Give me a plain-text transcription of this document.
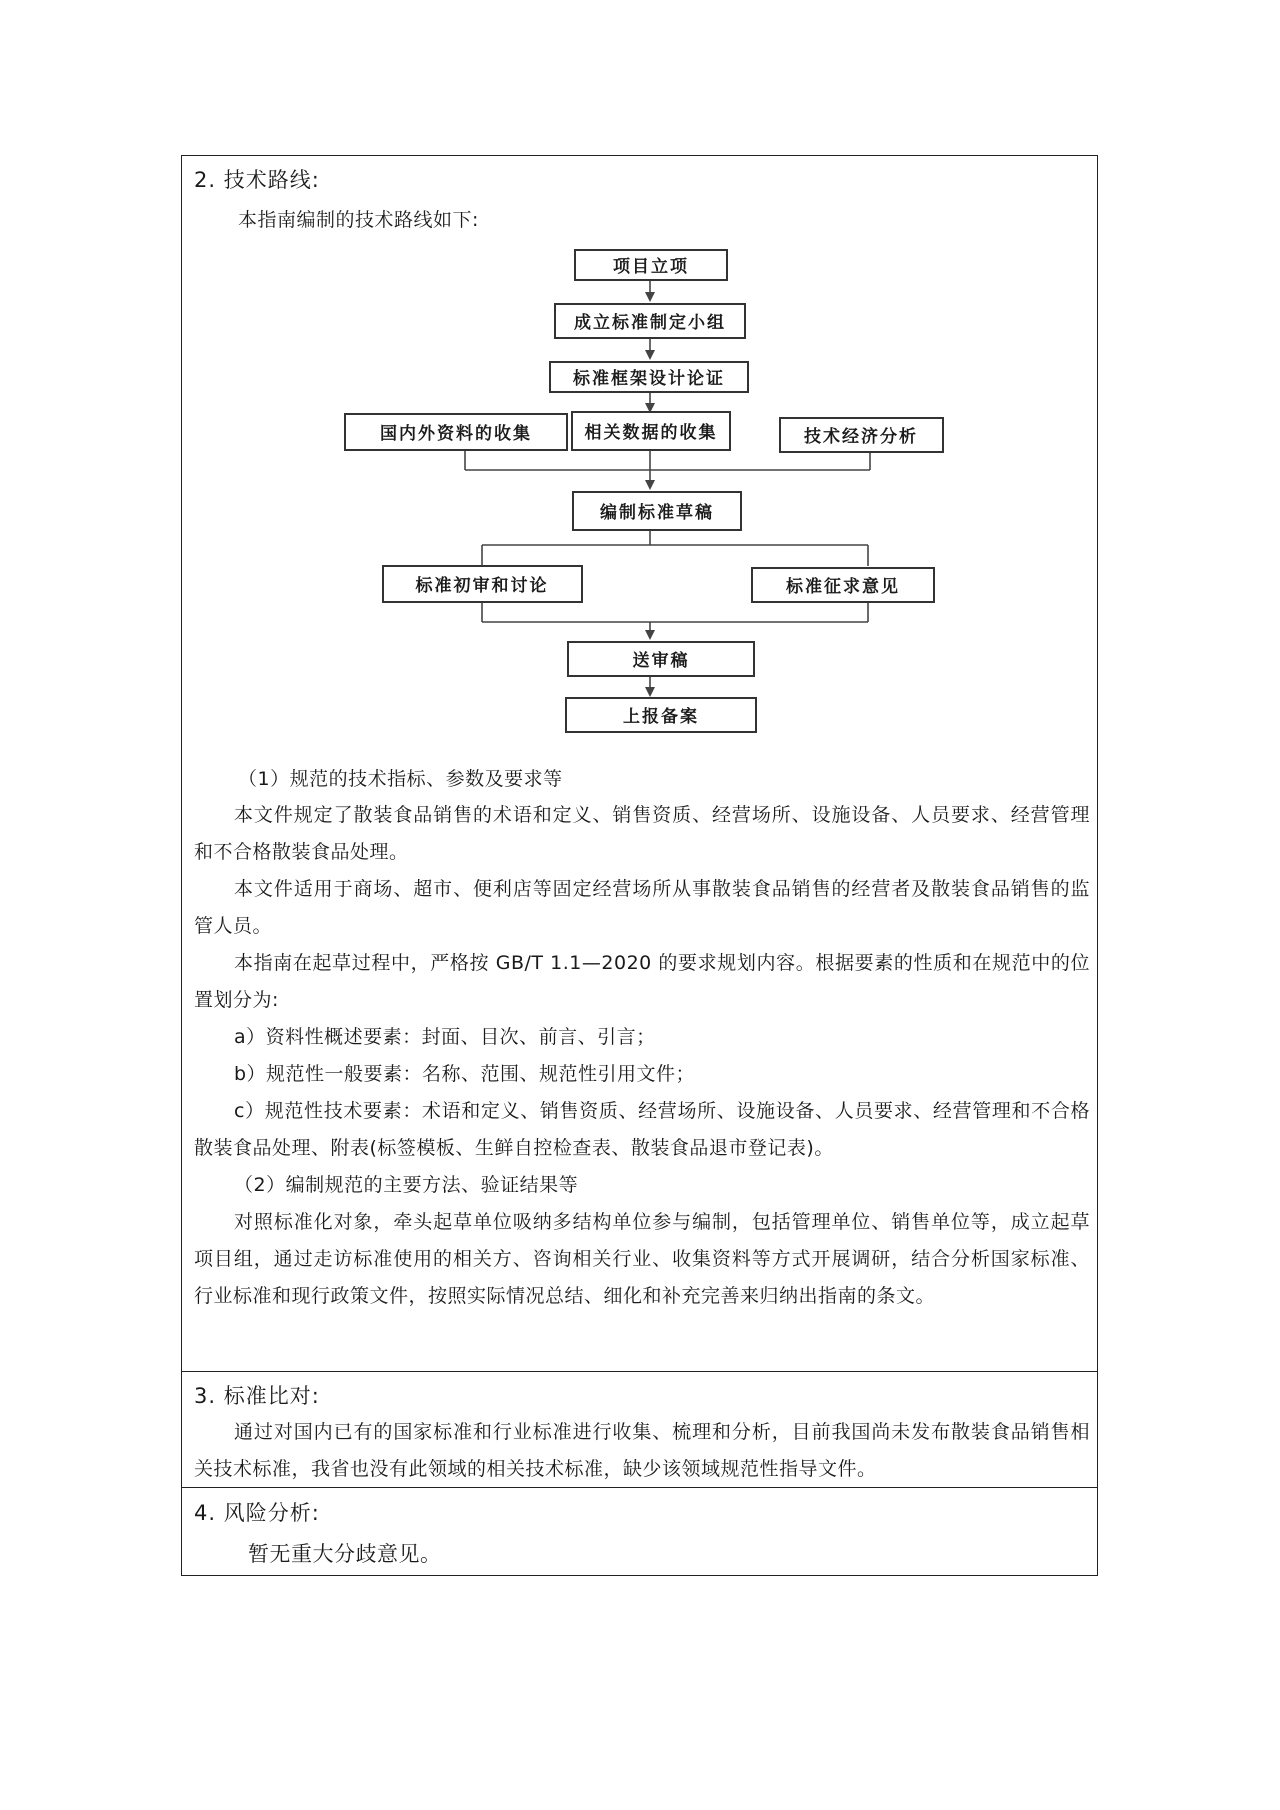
2. 技术路线:
本指南编制的技术路线如下:
项目立项
成立标准制定小组
标准框架设计论证
国内外资料的收集	相关数据的收集	技术经济分析
编制标准草稿
标准初审和讨论	标准征求意见
送审稿
上报备案
（1）规范的技术指标、参数及要求等

本文件规定了散装食品销售的术语和定义、销售资质、经营场所、设施设备、人员要求、经营管理和不合格散装食品处理。

本文件适用于商场、超市、便利店等固定经营场所从事散装食品销售的经营者及散装食品销售的监管人员。

本指南在起草过程中，严格按 GB/T 1.1—2020 的要求规划内容。根据要素的性质和在规范中的位置划分为:

a）资料性概述要素：封面、目次、前言、引言；

b）规范性一般要素：名称、范围、规范性引用文件；

c）规范性技术要素：术语和定义、销售资质、经营场所、设施设备、人员要求、经营管理和不合格散装食品处理、附表(标签模板、生鲜自控检查表、散装食品退市登记表)。

（2）编制规范的主要方法、验证结果等

对照标准化对象，牵头起草单位吸纳多结构单位参与编制，包括管理单位、销售单位等，成立起草项目组，通过走访标准使用的相关方、咨询相关行业、收集资料等方式开展调研，结合分析国家标准、行业标准和现行政策文件，按照实际情况总结、细化和补充完善来归纳出指南的条文。

3. 标准比对:

通过对国内已有的国家标准和行业标准进行收集、梳理和分析，目前我国尚未发布散装食品销售相关技术标准，我省也没有此领域的相关技术标准，缺少该领域规范性指导文件。

4. 风险分析:
暂无重大分歧意见。
